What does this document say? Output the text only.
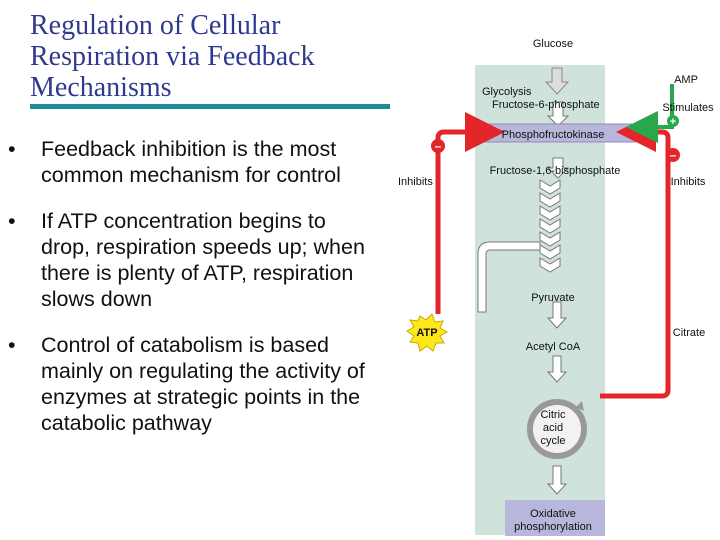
Regulation of Cellular Respiration via Feedback Mechanisms
• Feedback inhibition is the most common mechanism for control
• If ATP concentration begins to drop, respiration speeds up; when there is plenty of ATP, respiration slows down
• Control of catabolism is based mainly on regulating the activity of enzymes at strategic points in the catabolic pathway
–
–
+
Glucose
Glycolysis
Fructose-6-phosphate
AMP
Stimulates
Phosphofructokinase
Inhibits	Inhibits
Fructose-1,6-bisphosphate
Pyruvate
ATP	Citrate
Acetyl CoA
Citric
acid
cycle
Oxidative
phosphorylation
